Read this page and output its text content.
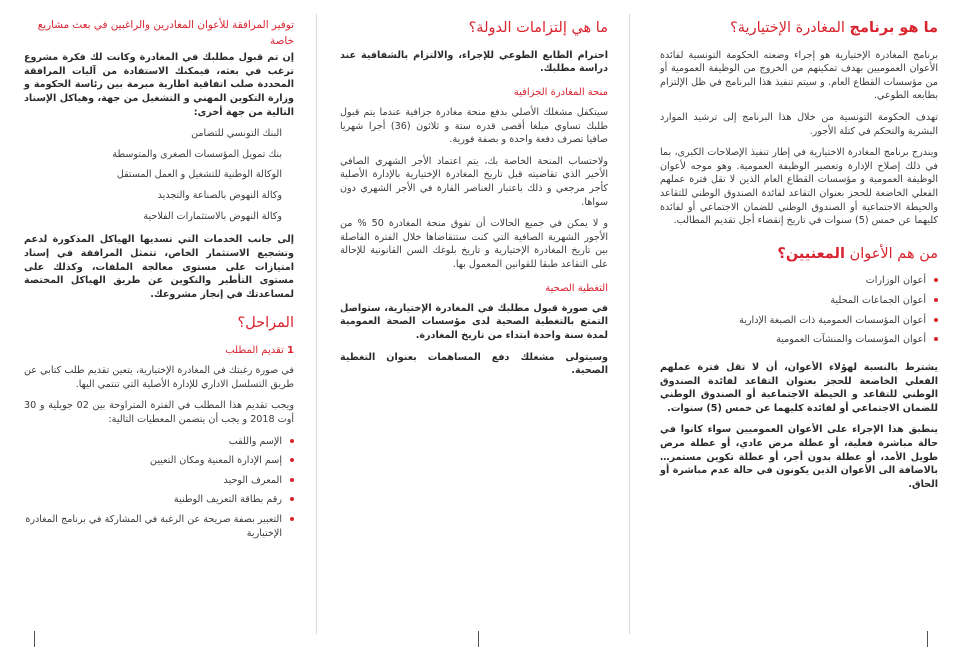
ما هو برنامج المغادرة الإختيارية؟

برنامج المغادرة الإختيارية هو إجراء وضعته الحكومة التونسية لفائدة الأعوان العموميين بهدف تمكينهم من الخروج من الوظيفة العمومية أو من مؤسسات القطاع العام. و سيتم تنفيذ هذا البرنامج في ظل الإلتزام بطابعه الطوعي.

تهدف الحكومة التونسية من خلال هذا البرنامج إلى ترشيد الموارد البشرية والتحكم في كتلة الأجور.

ويندرج برنامج المغادرة الاختيارية في إطار تنفيذ الإصلاحات الكبرى، بما في ذلك إصلاح الإدارة وتعصير الوظيفة العمومية. وهو موجه لأعوان الوظيفة العمومية و مؤسسات القطاع العام الذين لا تقل فترة عملهم الفعلي الخاضعة للحجز بعنوان التقاعد لفائدة الصندوق الوطني للتقاعد والحيطة الاجتماعية أو الصندوق الوطني للضمان الاجتماعي أو لفائدة كليهما عن خمس (5) سنوات في تاريخ إنقضاء أجل تقديم المطالب.

من هم الأعوان المعنيين؟
أعوان الوزارات
أعوان الجماعات المحلية
أعوان المؤسسات العمومية ذات الصبغة الإدارية
أعوان المؤسسات والمنشآت العمومية

يشترط بالنسبة لهؤلاء الأعوان، أن لا تقل فترة عملهم الفعلي الخاضعة للحجز بعنوان التقاعد لفائدة الصندوق الوطني للتقاعد و الحيطة الاجتماعية أو الصندوق الوطني للضمان الاجتماعي أو لفائدة كليهما عن خمس (5) سنوات.

ينطبق هذا الإجراء على الأعوان العموميين سواء كانوا في حالة مباشرة فعلية، أو عطلة مرض عادي، أو عطلة مرض طويل الأمد، أو عطلة بدون أجر، أو عطلة تكوين مستمر…بالاضافة الى الأعوان الذين يكونون في حالة عدم مباشرة أو الحاق.

ما هي إلتزامات الدولة؟

احترام الطابع الطوعي للإجراء، والالتزام بالشفافية عند دراسة مطلبك.

منحة المغادرة الجزافية

سيتكفل مشغلك الأصلي بدفع منحة مغادرة جزافية عندما يتم قبول طلبك تساوي مبلغا أقصى قدره ستة و ثلاثون (36) أجرا شهريا صافيا تصرف دفعة واحدة و بصفة فورية.

ولاحتساب المنحة الخاصة بك، يتم اعتماد الأجر الشهري الصافي الأخير الذي تقاضيته قبل تاريخ المغادرة الإختيارية بالإدارة الأصلية كأجر مرجعي و ذلك باعتبار العناصر القارة في الأجر الشهري دون سواها.

و لا يمكن في جميع الحالات أن تفوق منحة المغادرة 50 % من الأجور الشهرية الصافية التي كنت ستتقاضاها خلال الفترة الفاصلة بين تاريخ المغادرة الإختيارية و تاريخ بلوغك السن القانونية للإحالة على التقاعد طبقا للقوانين المعمول بها.

التغطية الصحية

في صورة قبول مطلبك في المغادرة الإختيارية، ستواصل التمتع بالتغطية الصحية لدى مؤسسات الصحة العمومية لمدة سنة واحدة ابتداء من تاريخ المغادرة.

وسيتولى مشغلك دفع المساهمات بعنوان التغطية الصحية.

توفير المرافقة للأعوان المغادرين والراغبين في بعث مشاريع خاصة

إن تم قبول مطلبك في المغادرة وكانت لك فكرة مشروع ترغب في بعثه، فيمكنك الاستفادة من آليات المرافقة المحددة صلب اتفاقية اطارية مبرمة بين رئاسة الحكومة و وزارة التكوين المهني و التشغيل من جهة، وهياكل الإسناد التالية من جهة أخرى:

البنك التونسي للتضامن
بنك تمويل المؤسسات الصغرى والمتوسطة
الوكالة الوطنية للتشغيل و العمل المستقل
وكالة النهوض بالصناعة والتجديد
وكالة النهوض بالاستثمارات الفلاحية

إلى جانب الخدمات التي تسديها الهياكل المذكورة لدعم وتشجيع الاستثمار الخاص، تتمثل المرافقة في إسناد امتيازات على مستوى معالجة الملفات، وكذلك على مستوى التأطير والتكوين عن طريق الهياكل المختصة لمساعدتك في إنجاز مشروعك.

المراحل؟
1 تقديم المطلب

في صورة رغبتك في المغادرة الإختيارية، يتعين تقديم طلب كتابي عن طريق التسلسل الاداري للإدارة الأصلية التي تنتمي اليها.

ويجب تقديم هذا المطلب في الفترة المتراوحة بين 02 جويلية و 30 أوت 2018 و يجب أن يتضمن المعطيات التالية:

الإسم واللقب
إسم الإدارة المعنية ومكان التعيين
المعرف الوحيد
رقم بطاقة التعريف الوطنية
التعبير بصفة صريحة عن الرغبة في المشاركة في برنامج المغادرة الإختيارية
